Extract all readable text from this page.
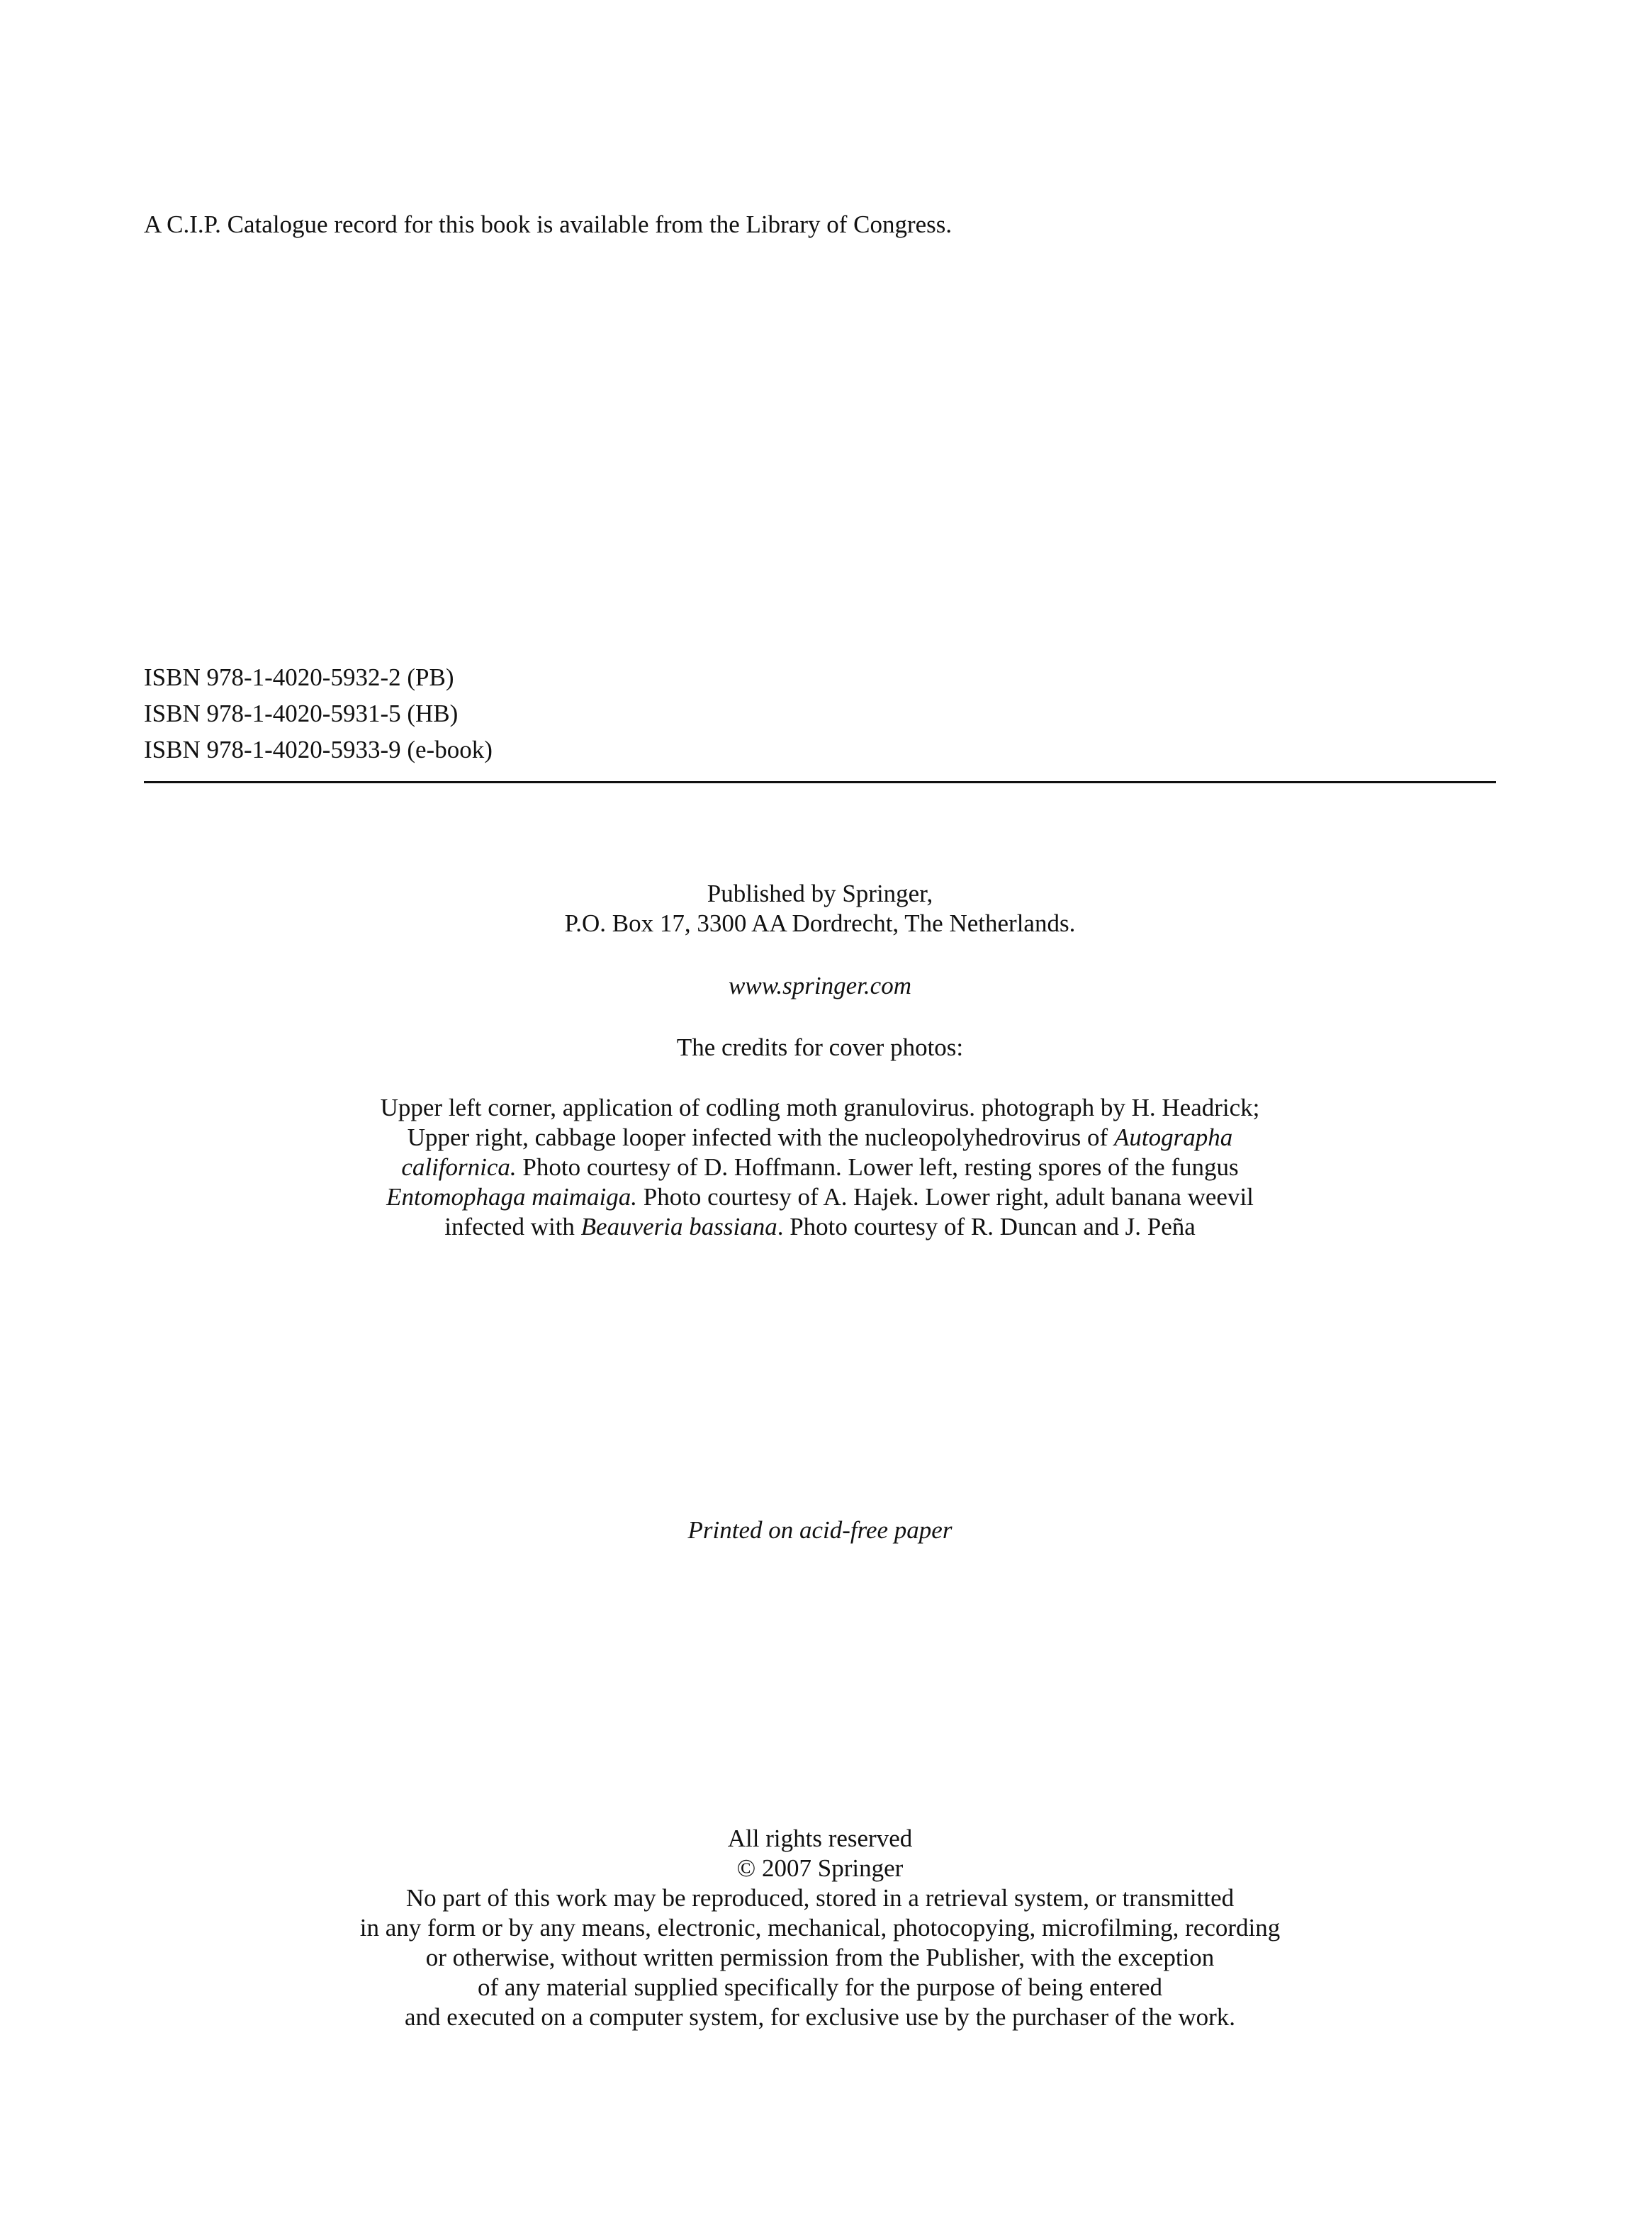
A C.I.P. Catalogue record for this book is available from the Library of Congress.

ISBN 978-1-4020-5932-2 (PB)
ISBN 978-1-4020-5931-5 (HB)
ISBN 978-1-4020-5933-9 (e-book)
Published by Springer,
P.O. Box 17, 3300 AA Dordrecht, The Netherlands.
www.springer.com
The credits for cover photos:
Upper left corner, application of codling moth granulovirus. photograph by H. Headrick;
Upper right, cabbage looper infected with the nucleopolyhedrovirus of Autographa
californica. Photo courtesy of D. Hoffmann. Lower left, resting spores of the fungus
Entomophaga maimaiga. Photo courtesy of A. Hajek. Lower right, adult banana weevil
infected with Beauveria bassiana. Photo courtesy of R. Duncan and J. Peña
Printed on acid-free paper
All rights reserved
© 2007 Springer
No part of this work may be reproduced, stored in a retrieval system, or transmitted
in any form or by any means, electronic, mechanical, photocopying, microfilming, recording
or otherwise, without written permission from the Publisher, with the exception
of any material supplied specifically for the purpose of being entered
and executed on a computer system, for exclusive use by the purchaser of the work.
